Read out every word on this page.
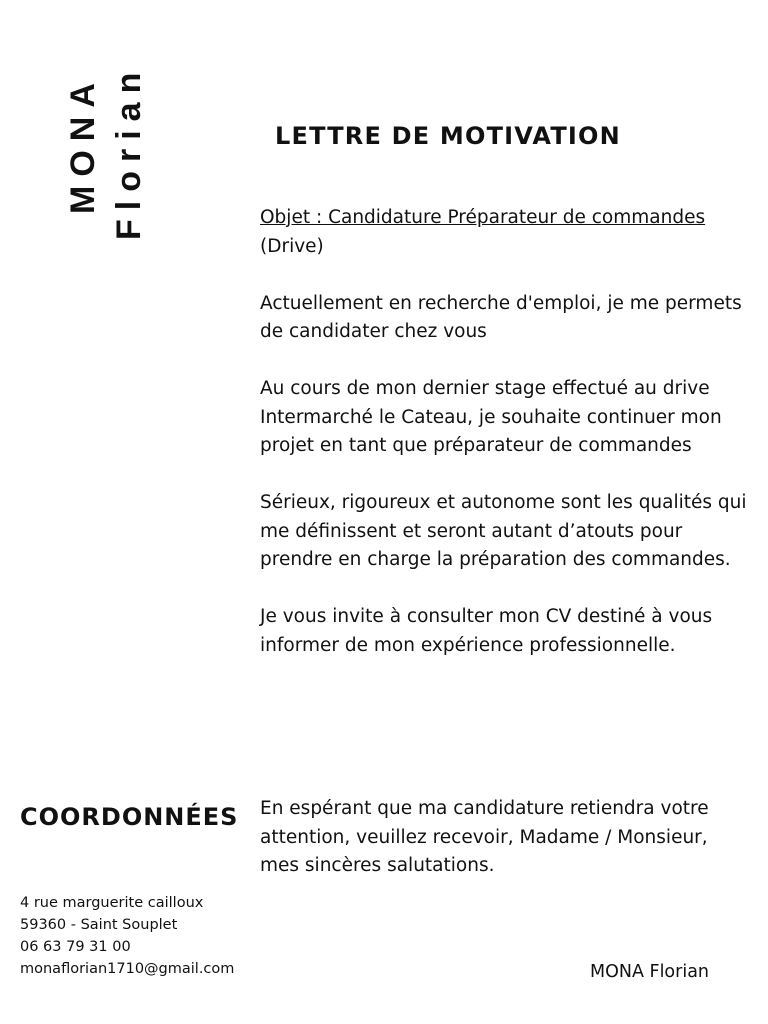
MONA Florian	LETTRE DE MOTIVATION

Objet : Candidature Préparateur de commandes
(Drive)

Actuellement en recherche d'emploi, je me permets de candidater chez vous

Au cours de mon dernier stage effectué au drive Intermarché le Cateau, je souhaite continuer mon projet en tant que préparateur de commandes

Sérieux, rigoureux et autonome sont les qualités qui me définissent et seront autant d’atouts pour prendre en charge la préparation des commandes.

Je vous invite à consulter mon CV destiné à vous informer de mon expérience professionnelle.

En espérant que ma candidature retiendra votre attention, veuillez recevoir, Madame / Monsieur, mes sincères salutations.

COORDONNÉES
4 rue marguerite cailloux
59360 - Saint Souplet
06 63 79 31 00
monaflorian1710@gmail.com	MONA Florian
